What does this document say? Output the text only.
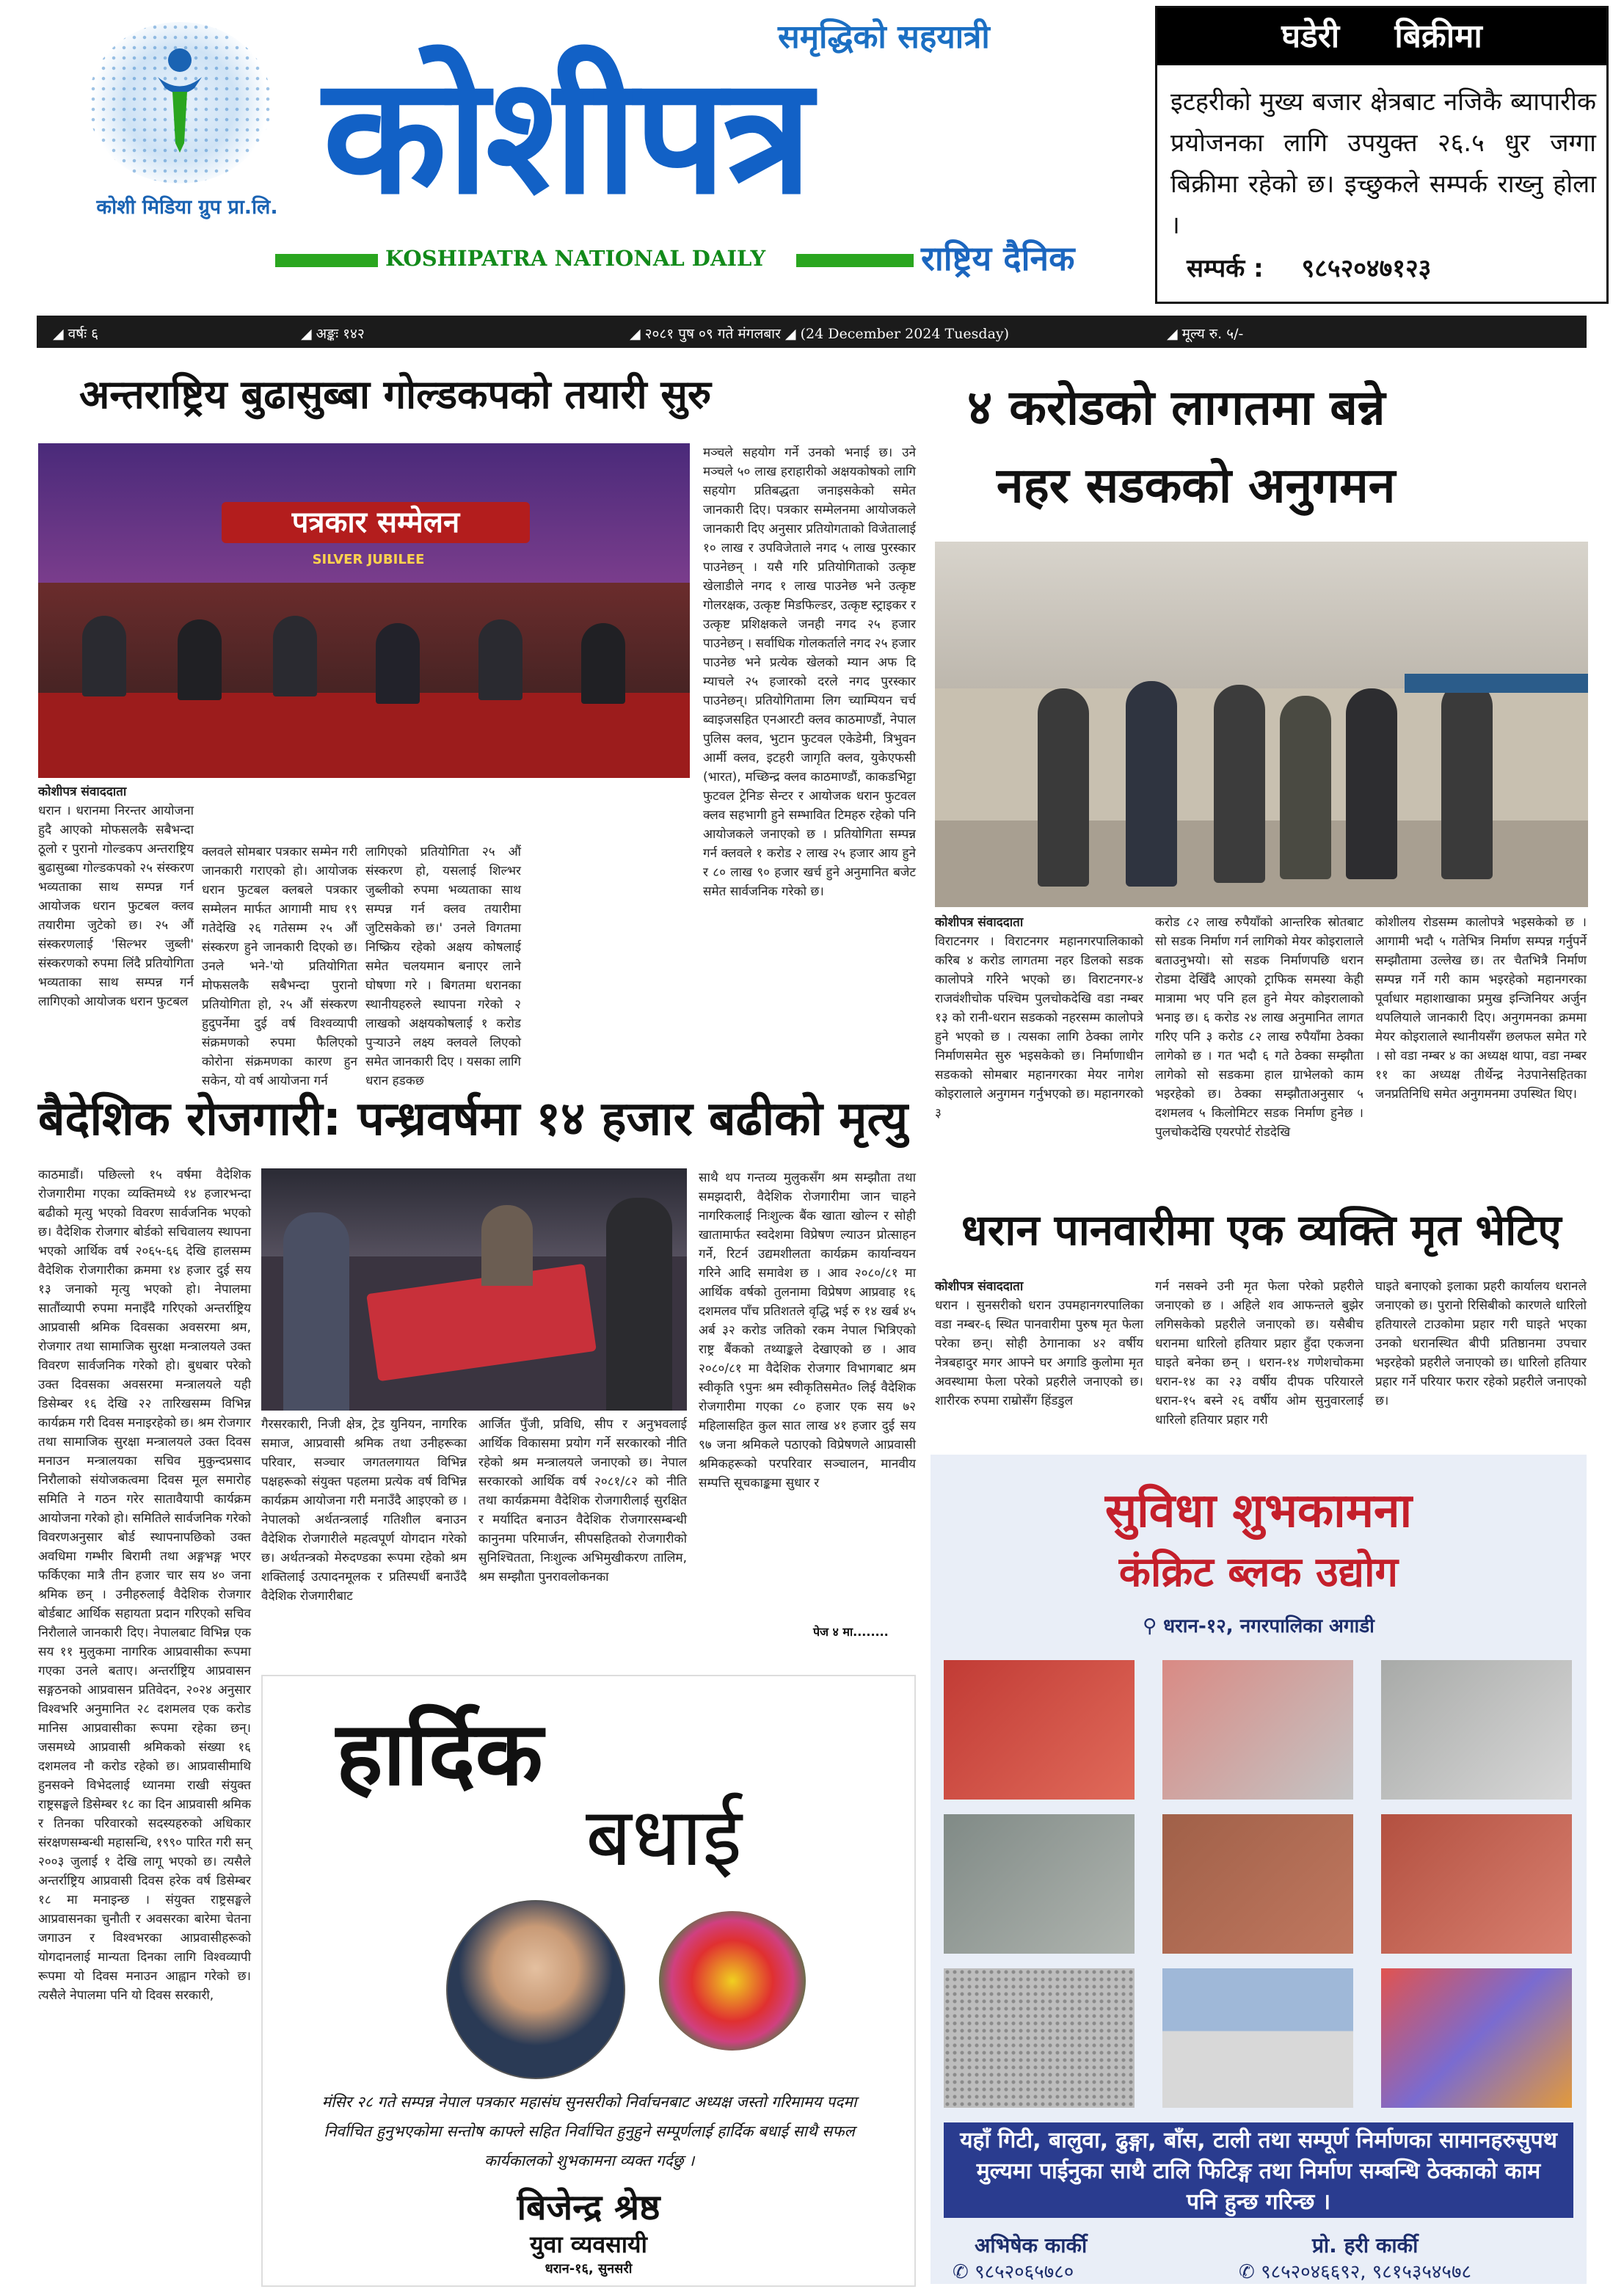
कोशी मिडिया ग्रुप प्रा.लि.
समृद्धिको सहयात्री
कोशीपत्र
KOSHIPATRA NATIONAL DAILY	राष्ट्रिय दैनिक
घडेरी बिक्रीमा
इटहरीको मुख्य बजार क्षेत्रबाट नजिकै ब्यापारीक प्रयोजनका लागि उपयुक्त २६.५ धुर जग्गा बिक्रीमा रहेको छ। इच्छुकले सम्पर्क राख्नु होला ।
सम्पर्क : ९८५२०४७१२३
◢ वर्षः ६	◢ अङ्कः १४२	◢ २०८१ पुष ०९ गते मंगलबार ◢ (24 December 2024 Tuesday)	◢ मूल्य रु. ५/-
अन्तराष्ट्रिय बुढासुब्बा गोल्डकपको तयारी सुरु
पत्रकार सम्मेलन
SILVER JUBILEE
कोशीपत्र संवाददाता
धरान । धरानमा निरन्तर आयोजना हुदै आएको मोफसलकै सबैभन्दा ठूलो र पुरानो गोल्डकप अन्तराष्ट्रिय बुढासुब्बा गोल्डकपको २५ संस्करण भव्यताका साथ सम्पन्न गर्न आयोजक धरान फुटबल क्लव तयारीमा जुटेको छ। २५ औं संस्करणलाई 'सिल्भर जुब्ली' संस्करणको रुपमा लिंदै प्रतियोगिता भव्यताका साथ सम्पन्न गर्न लागिएको आयोजक धरान फुटबल
क्लवले सोमबार पत्रकार सम्मेन गरी जानकारी गराएको हो। आयोजक धरान फुटबल क्लबले पत्रकार सम्मेलन मार्फत आगामी माघ १९ गतेदेखि २६ गतेसम्म २५ औं संस्करण हुने जानकारी दिएको छ। उनले भने-'यो प्रतियोगिता मोफसलकै सबैभन्दा पुरानो प्रतियोगिता हो, २५ औं संस्करण हुदुपर्नेमा दुई वर्ष विश्वव्यापी संक्रमणको रुपमा फैलिएको कोरोना संक्रमणका कारण हुन सकेन, यो वर्ष आयोजना गर्न
लागिएको प्रतियोगिता २५ औं संस्करण हो, यसलाई शिल्भर जुब्लीको रुपमा भव्यताका साथ सम्पन्न गर्न क्लव तयारीमा जुटिसकेको छ।' उनले विगतमा निष्क्रिय रहेको अक्षय कोषलाई समेत चलयमान बनाएर लाने घोषणा गरे । बिगतमा धरानका स्थानीयहरुले स्थापना गरेको २ लाखको अक्षयकोषलाई १ करोड पुऱ्याउने लक्ष्य क्लवले लिएको समेत जानकारी दिए । यसका लागि धरान हडकछ
मञ्चले सहयोग गर्ने उनको भनाई छ। उने मञ्चले ५० लाख हराहारीको अक्षयकोषको लागि सहयोग प्रतिबद्धता जनाइसकेको समेत जानकारी दिए। पत्रकार सम्मेलनमा आयोजकले जानकारी दिए अनुसार प्रतियोगताको विजेतालाई १० लाख र उपविजेताले नगद ५ लाख पुरस्कार पाउनेछन् । यसै गरि प्रतियोगिताको उत्कृष्ट खेलाडीले नगद १ लाख पाउनेछ भने उत्कृष्ट गोलरक्षक, उत्कृष्ट मिडफिल्डर, उत्कृष्ट स्ट्राइकर र उत्कृष्ट प्रशिक्षकले जनही नगद २५ हजार पाउनेछन् । सर्वाधिक गोलकर्ताले नगद २५ हजार पाउनेछ भने प्रत्येक खेलको म्यान अफ दि म्याचले २५ हजारको दरले नगद पुरस्कार पाउनेछन्। प्रतियोगितामा लिग च्याम्पियन चर्च ब्वाइजसहित एनआरटी क्लव काठमाण्डौं, नेपाल पुलिस क्लव, भुटान फुटवल एकेडेमी, त्रिभुवन आर्मी क्लव, इटहरी जागृति क्लव, युकेएफसी (भारत), मच्छिन्द्र क्लव काठमाण्डौं, काकडभिट्टा फुटवल ट्रेनिङ सेन्टर र आयोजक धरान फुटवल क्लव सहभागी हुने सम्भावित टिमहरु रहेको पनि आयोजकले जनाएको छ । प्रतियोगिता सम्पन्न गर्न क्लवले १ करोड २ लाख २५ हजार आय हुने र ८० लाख ९० हजार खर्च हुने अनुमानित बजेट समेत सार्वजनिक गरेको छ।
४ करोडको लागतमा बन्ने
नहर सडकको अनुगमन
कोशीपत्र संवाददाता
विराटनगर । विराटनगर महानगरपालिकाको करिब ४ करोड लागतमा नहर डिलको सडक कालोपत्रे गरिने भएको छ। विराटनगर-४ राजवंशीचोक पश्चिम पुलचोकदेखि वडा नम्बर १३ को रानी-धरान सडकको नहरसम्म कालोपत्रे हुने भएको छ । त्यसका लागि ठेक्का लागेर निर्माणसमेत सुरु भइसकेको छ। निर्माणाधीन सडकको सोमबार महानगरका मेयर नागेश कोइरालाले अनुगमन गर्नुभएको छ। महानगरको ३
करोड ८२ लाख रुपैयाँको आन्तरिक स्रोतबाट सो सडक निर्माण गर्न लागिको मेयर कोइरालाले बताउनुभयो। सो सडक निर्माणपछि धरान रोडमा देखिँदै आएको ट्राफिक समस्या केही मात्रामा भए पनि हल हुने मेयर कोइरालाको भनाइ छ। ६ करोड २४ लाख अनुमानित लागत गरिए पनि ३ करोड ८२ लाख रुपैयाँमा ठेक्का लागेको छ । गत भदौ ६ गते ठेक्का सम्झौता लागेको सो सडकमा हाल ग्राभेलको काम भइरहेको छ। ठेक्का सम्झौताअनुसार ५ दशमलव ५ किलोमिटर सडक निर्माण हुनेछ । पुलचोकदेखि एयरपोर्ट रोडदेखि
कोशीलय रोडसम्म कालोपत्रे भइसकेको छ । आगामी भदौ ५ गतेभित्र निर्माण सम्पन्न गर्नुपर्ने सम्झौतामा उल्लेख छ। तर चैतभित्रै निर्माण सम्पन्न गर्ने गरी काम भइरहेको महानगरका पूर्वाधार महाशाखाका प्रमुख इन्जिनियर अर्जुन थपलियाले जानकारी दिए। अनुगमनका क्रममा मेयर कोइरालाले स्थानीयसँग छलफल समेत गरे । सो वडा नम्बर ४ का अध्यक्ष थापा, वडा नम्बर ११ का अध्यक्ष तीर्थेन्द्र नेउपानेसहितका जनप्रतिनिधि समेत अनुगमनमा उपस्थित थिए।
बैदेशिक रोजगारी: पन्ध्रवर्षमा १४ हजार बढीको मृत्यु
काठमाडौं। पछिल्लो १५ वर्षमा वैदेशिक रोजगारीमा गएका व्यक्तिमध्ये १४ हजारभन्दा बढीको मृत्यु भएको विवरण सार्वजनिक भएको छ। वैदेशिक रोजगार बोर्डको सचिवालय स्थापना भएको आर्थिक वर्ष २०६५-६६ देखि हालसम्म वैदेशिक रोजगारीका क्रममा १४ हजार दुई सय १३ जनाको मृत्यु भएको हो। नेपालमा सातौंव्यापी रुपमा मनाइँदै गरिएको अन्तर्राष्ट्रिय आप्रवासी श्रमिक दिवसका अवसरमा श्रम, रोजगार तथा सामाजिक सुरक्षा मन्त्रालयले उक्त विवरण सार्वजनिक गरेको हो। बुधबार परेको उक्त दिवसका अवसरमा मन्त्रालयले यही डिसेम्बर १६ देखि २२ तारिखसम्म विभिन्न कार्यक्रम गरी दिवस मनाइरहेको छ। श्रम रोजगार तथा सामाजिक सुरक्षा मन्त्रालयले उक्त दिवस मनाउन मन्त्रालयका सचिव मुकुन्दप्रसाद निरौलाको संयोजकत्वमा दिवस मूल समारोह समिति ने गठन गरेर सातावैयापी कार्यक्रम आयोजना गरेको हो। समितिले सार्वजनिक गरेको विवरणअनुसार बोर्ड स्थापनापछिको उक्त अवधिमा गम्भीर बिरामी तथा अङ्गभङ्ग भएर फर्किएका मात्रै तीन हजार चार सय ४० जना श्रमिक छन् । उनीहरुलाई वैदेशिक रोजगार बोर्डबाट आर्थिक सहायता प्रदान गरिएको सचिव निरौलाले जानकारी दिए। नेपालबाट विभिन्न एक सय ११ मुलुकमा नागरिक आप्रवासीका रूपमा गएका उनले बताए। अन्तर्राष्ट्रिय आप्रवासन सङ्गठनको आप्रवासन प्रतिवेदन, २०२४ अनुसार विश्वभरि अनुमानित २८ दशमलव एक करोड मानिस आप्रवासीका रूपमा रहेका छन्। जसमध्ये आप्रवासी श्रमिकको संख्या १६ दशमलव नौ करोड रहेको छ। आप्रवासीमाथि हुनसक्ने विभेदलाई ध्यानमा राखी संयुक्त राष्ट्रसङ्घले डिसेम्बर १८ का दिन आप्रवासी श्रमिक र तिनका परिवारको सदस्यहरुको अधिकार संरक्षणसम्बन्धी महासन्धि, १९९० पारित गरी सन् २००३ जुलाई १ देखि लागू भएको छ। त्यसैले अन्तर्राष्ट्रिय आप्रवासी दिवस हरेक वर्ष डिसेम्बर १८ मा मनाइन्छ । संयुक्त राष्ट्रसङ्घले आप्रवासनका चुनौती र अवसरका बारेमा चेतना जगाउन र विश्वभरका आप्रवासीहरूको योगदानलाई मान्यता दिनका लागि विश्वव्यापी रूपमा यो दिवस मनाउन आह्वान गरेको छ। त्यसैले नेपालमा पनि यो दिवस सरकारी,
गैरसरकारी, निजी क्षेत्र, ट्रेड युनियन, नागरिक समाज, आप्रवासी श्रमिक तथा उनीहरूका परिवार, सञ्चार जगतलगायत विभिन्न पक्षहरूको संयुक्त पहलमा प्रत्येक वर्ष विभिन्न कार्यक्रम आयोजना गरी मनाउँदै आइएको छ । नेपालको अर्थतन्त्रलाई गतिशील बनाउन वैदेशिक रोजगारीले महत्वपूर्ण योगदान गरेको छ। अर्थतन्त्रको मेरुदण्डका रूपमा रहेको श्रम शक्तिलाई उत्पादनमूलक र प्रतिस्पर्धी बनाउँदै वैदेशिक रोजगारीबाट
आर्जित पुँजी, प्रविधि, सीप र अनुभवलाई आर्थिक विकासमा प्रयोग गर्ने सरकारको नीति रहेको श्रम मन्त्रालयले जनाएको छ। नेपाल सरकारको आर्थिक वर्ष २०८१/८२ को नीति तथा कार्यक्रममा वैदेशिक रोजगारीलाई सुरक्षित र मर्यादित बनाउन वैदेशिक रोजगारसम्बन्धी कानुनमा परिमार्जन, सीपसहितको रोजगारीको सुनिश्चितता, निःशुल्क अभिमुखीकरण तालिम, श्रम सम्झौता पुनरावलोकनका
साथै थप गन्तव्य मुलुकसँग श्रम सम्झौता तथा समझदारी, वैदेशिक रोजगारीमा जान चाहने नागरिकलाई निःशुल्क बैंक खाता खोल्न र सोही खातामार्फत स्वदेशमा विप्रेषण ल्याउन प्रोत्साहन गर्ने, रिटर्न उद्यमशीलता कार्यक्रम कार्यान्वयन गरिने आदि समावेश छ । आव २०८०/८१ मा आर्थिक वर्षको तुलनामा विप्रेषण आप्रवाह १६ दशमलव पाँच प्रतिशतले वृद्धि भई रु १४ खर्ब ४५ अर्ब ३२ करोड जतिको रकम नेपाल भित्रिएको राष्ट्र बैंकको तथ्याङ्कले देखाएको छ । आव २०८०/८१ मा वैदेशिक रोजगार विभागबाट श्रम स्वीकृति ९पुनः श्रम स्वीकृतिसमेत० लिई वैदेशिक रोजगारीमा गएका ८० हजार एक सय ७२ महिलासहित कुल सात लाख ४१ हजार दुई सय ९७ जना श्रमिकले पठाएको विप्रेषणले आप्रवासी श्रमिकहरूको परपरिवार सञ्चालन, मानवीय सम्पत्ति सूचकाङ्कमा सुधार र
पेज ४ मा........
धरान पानवारीमा एक व्यक्ति मृत भेटिए
कोशीपत्र संवाददाता
धरान । सुनसरीको धरान उपमहानगरपालिका वडा नम्बर-६ स्थित पानवारीमा पुरुष मृत फेला परेका छन्। सोही ठेगानाका ४२ वर्षीय नेत्रबहादुर मगर आफ्ने घर अगाडि कुलोमा मृत अवस्थामा फेला परेको प्रहरीले जनाएको छ। शारीरक रुपमा राम्रोसँग हिंडडुल
गर्न नसक्ने उनी मृत फेला परेको प्रहरीले जनाएको छ । अहिले शव आफन्तले बुझेर लगिसकेको प्रहरीले जनाएको छ। यसैबीच धरानमा धारिलो हतियार प्रहार हुँदा एकजना घाइते बनेका छन् । धरान-१४ गणेशचोकमा धरान-१४ का २३ वर्षीय दीपक परियारले धरान-१५ बस्ने २६ वर्षीय ओम सुनुवारलाई धारिलो हतियार प्रहार गरी
घाइते बनाएको इलाका प्रहरी कार्यालय धरानले जनाएको छ। पुरानो रिसिबीको कारणले धारिलो हतियारले टाउकोमा प्रहार गरी घाइते भएका उनको धरानस्थित बीपी प्रतिष्ठानमा उपचार भइरहेको प्रहरीले जनाएको छ। धारिलो हतियार प्रहार गर्ने परियार फरार रहेको प्रहरीले जनाएको छ।
हार्दिक
बधाई
मंसिर २८ गते सम्पन्न नेपाल पत्रकार महासंघ सुनसरीको निर्वाचनबाट अध्यक्ष जस्तो गरिमामय पदमा निर्वाचित हुनुभएकोमा सन्तोष काफ्ले सहित निर्वाचित हुनुहुने सम्पूर्णलाई हार्दिक बधाई साथै सफल कार्यकालको शुभकामना व्यक्त गर्दछु ।
बिजेन्द्र श्रेष्ठ
युवा व्यवसायी
धरान-१६, सुनसरी
सुविधा शुभकामना
कंक्रिट ब्लक उद्योग
⚲ धरान-१२, नगरपालिका अगाडी
यहाँ गिटी, बालुवा, ढुङ्गा, बाँस, टाली तथा सम्पूर्ण निर्माणका सामानहरुसुपथ मुल्यमा पाईनुका साथै टालि फिटिङ्ग तथा निर्माण सम्बन्धि ठेक्काको काम पनि हुन्छ गरिन्छ ।
अभिषेक कार्की
✆ ९८५२०६५७८०
प्रो. हरी कार्की
✆ ९८५२०४६६९२, ९८१५३५४५७८
